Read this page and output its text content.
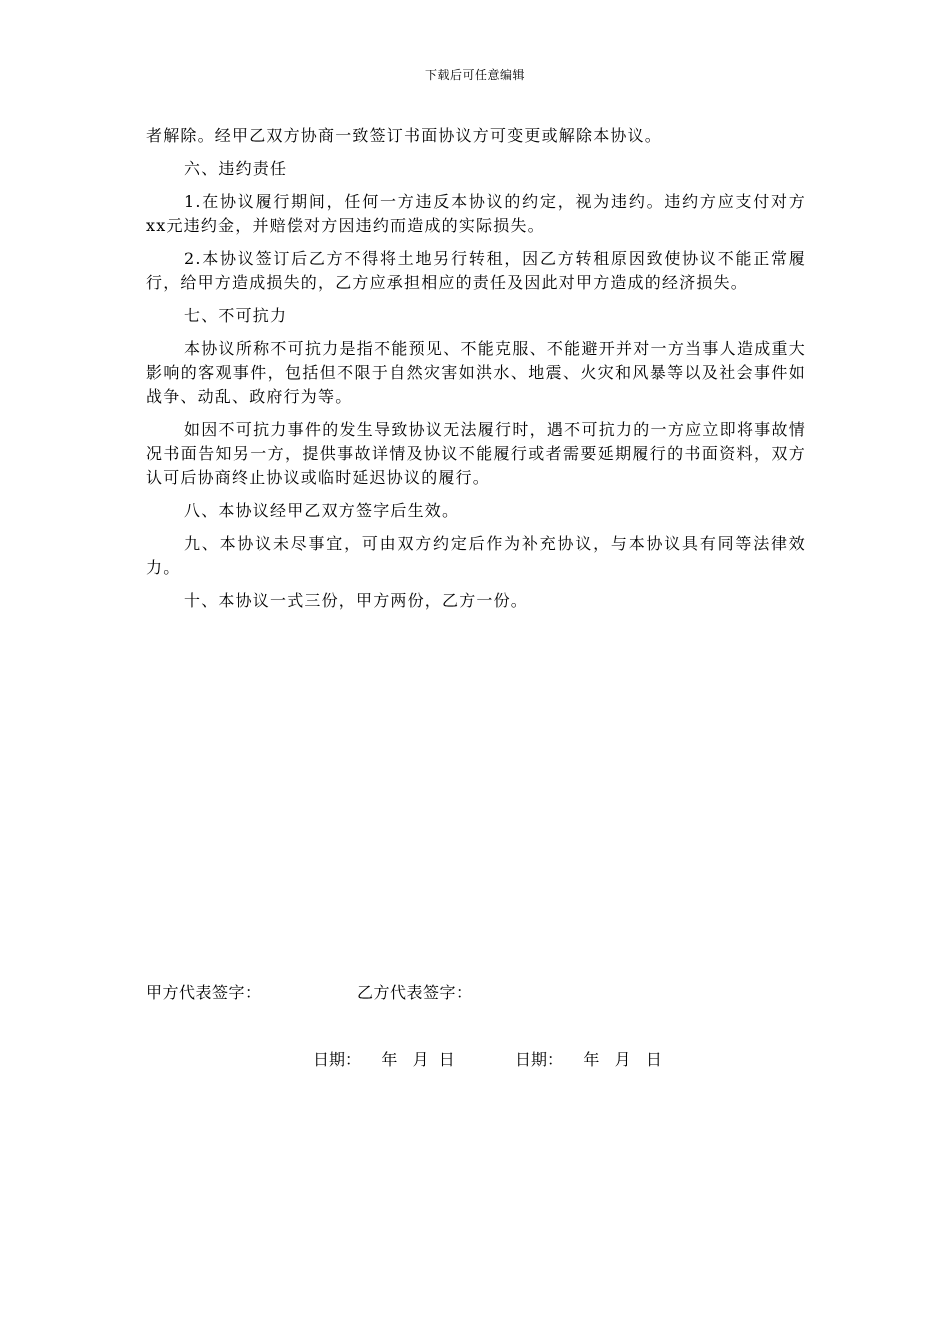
下载后可任意编辑

者解除。经甲乙双方协商一致签订书面协议方可变更或解除本协议。

六、违约责任

1.在协议履行期间，任何一方违反本协议的约定，视为违约。违约方应支付对方xx元违约金，并赔偿对方因违约而造成的实际损失。

2.本协议签订后乙方不得将土地另行转租，因乙方转租原因致使协议不能正常履行，给甲方造成损失的，乙方应承担相应的责任及因此对甲方造成的经济损失。

七、不可抗力

本协议所称不可抗力是指不能预见、不能克服、不能避开并对一方当事人造成重大影响的客观事件，包括但不限于自然灾害如洪水、地震、火灾和风暴等以及社会事件如战争、动乱、政府行为等。

如因不可抗力事件的发生导致协议无法履行时，遇不可抗力的一方应立即将事故情况书面告知另一方，提供事故详情及协议不能履行或者需要延期履行的书面资料，双方认可后协商终止协议或临时延迟协议的履行。

八、本协议经甲乙双方签字后生效。

九、本协议未尽事宜，可由双方约定后作为补充协议，与本协议具有同等法律效力。

十、本协议一式三份，甲方两份，乙方一份。

甲方代表签字：	乙方代表签字：
日期：    年   月  日	日期：    年   月   日
